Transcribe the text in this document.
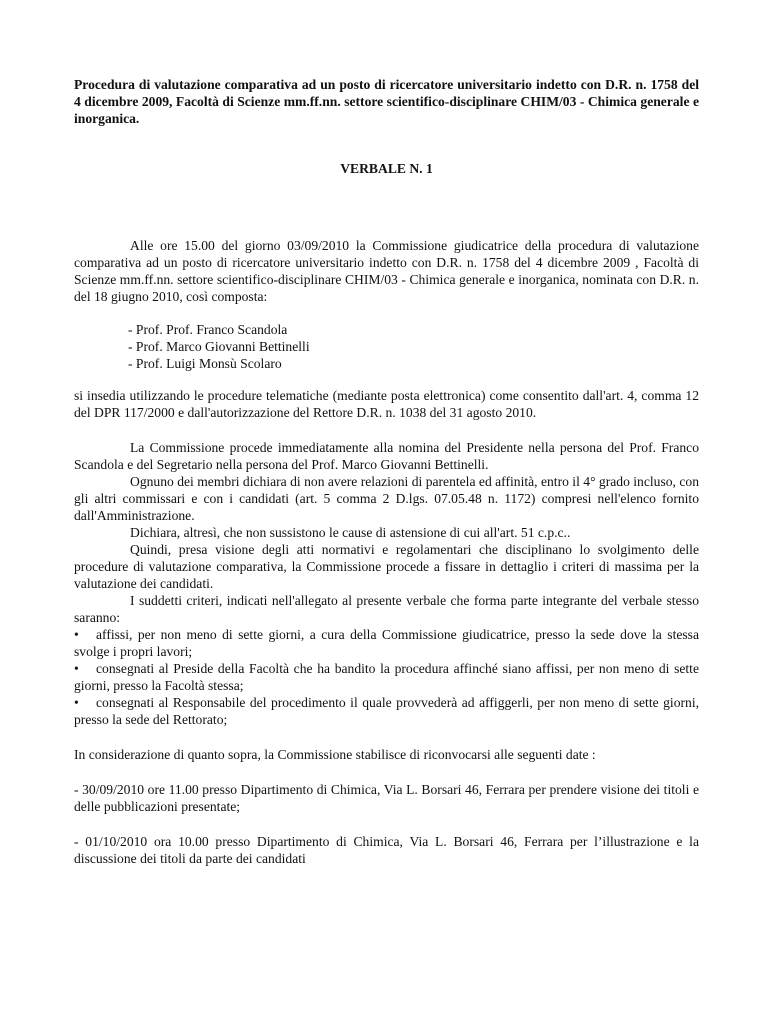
Procedura di valutazione comparativa ad un posto di ricercatore universitario indetto con D.R. n. 1758 del 4 dicembre 2009, Facoltà di Scienze mm.ff.nn. settore scientifico-disciplinare CHIM/03 - Chimica generale e inorganica.

VERBALE N. 1

Alle ore 15.00 del giorno 03/09/2010 la Commissione giudicatrice della procedura di valutazione comparativa ad un posto di ricercatore universitario indetto con D.R. n. 1758 del 4 dicembre 2009 , Facoltà di Scienze mm.ff.nn. settore scientifico-disciplinare CHIM/03 - Chimica generale e inorganica, nominata con D.R. n. del 18 giugno 2010, così composta:

- Prof. Prof. Franco Scandola
- Prof. Marco Giovanni Bettinelli
- Prof. Luigi Monsù Scolaro

si insedia utilizzando le procedure telematiche (mediante posta elettronica) come consentito dall'art. 4, comma 12 del DPR 117/2000 e dall'autorizzazione del Rettore D.R. n. 1038 del 31 agosto 2010.

La Commissione procede immediatamente alla nomina del Presidente nella persona del Prof. Franco Scandola e del Segretario nella persona del Prof. Marco Giovanni Bettinelli.

Ognuno dei membri dichiara di non avere relazioni di parentela ed affinità, entro il 4° grado incluso, con gli altri commissari e con i candidati (art. 5 comma 2 D.lgs. 07.05.48 n. 1172) compresi nell'elenco fornito dall'Amministrazione.

Dichiara, altresì, che non sussistono le cause di astensione di cui all'art. 51 c.p.c..

Quindi, presa visione degli atti normativi e regolamentari che disciplinano lo svolgimento delle procedure di valutazione comparativa, la Commissione procede a fissare in dettaglio i criteri di massima per la valutazione dei candidati.

I suddetti criteri, indicati nell'allegato al presente verbale che forma parte integrante del verbale stesso saranno:

• affissi, per non meno di sette giorni, a cura della Commissione giudicatrice, presso la sede dove la stessa svolge i propri lavori;

• consegnati al Preside della Facoltà che ha bandito la procedura affinché siano affissi, per non meno di sette giorni, presso la Facoltà stessa;

• consegnati al Responsabile del procedimento il quale provvederà ad affiggerli, per non meno di sette giorni, presso la sede del Rettorato;

In considerazione di quanto sopra, la Commissione stabilisce di riconvocarsi alle seguenti date :

- 30/09/2010 ore 11.00 presso Dipartimento di Chimica, Via L. Borsari 46, Ferrara per prendere visione dei titoli e delle pubblicazioni presentate;

- 01/10/2010 ora 10.00 presso Dipartimento di Chimica, Via L. Borsari 46, Ferrara per l’illustrazione e la discussione dei titoli da parte dei candidati
